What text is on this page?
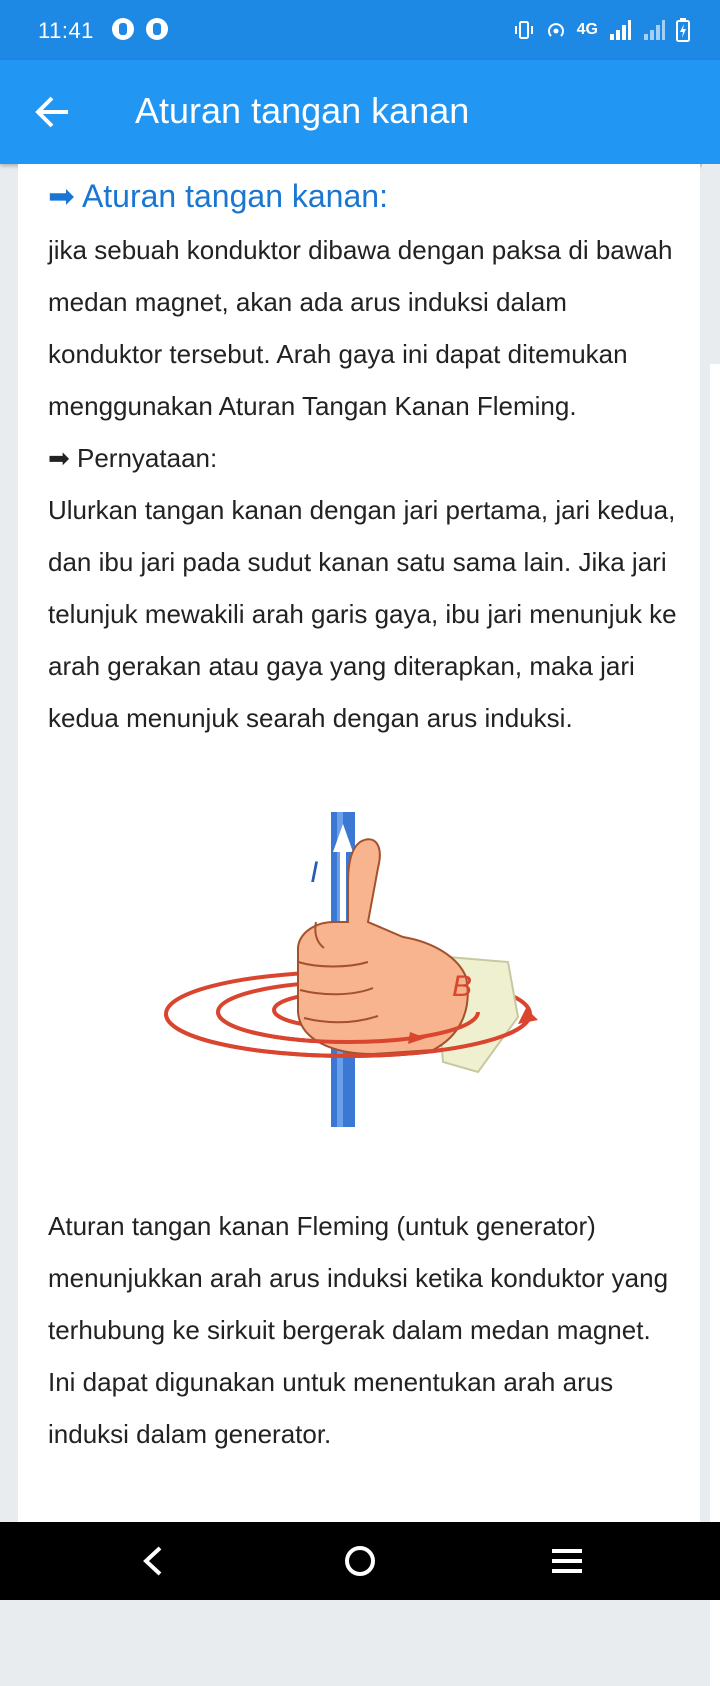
11:41	4G
Aturan tangan kanan

➡ Aturan tangan kanan:

jika sebuah konduktor dibawa dengan paksa di bawah medan magnet, akan ada arus induksi dalam konduktor tersebut. Arah gaya ini dapat ditemukan menggunakan Aturan Tangan Kanan Fleming.

➡ Pernyataan:

Ulurkan tangan kanan dengan jari pertama, jari kedua, dan ibu jari pada sudut kanan satu sama lain. Jika jari telunjuk mewakili arah garis gaya, ibu jari menunjuk ke arah gerakan atau gaya yang diterapkan, maka jari kedua menunjuk searah dengan arus induksi.

I
B

Aturan tangan kanan Fleming (untuk generator) menunjukkan arah arus induksi ketika konduktor yang terhubung ke sirkuit bergerak dalam medan magnet. Ini dapat digunakan untuk menentukan arah arus induksi dalam generator.
